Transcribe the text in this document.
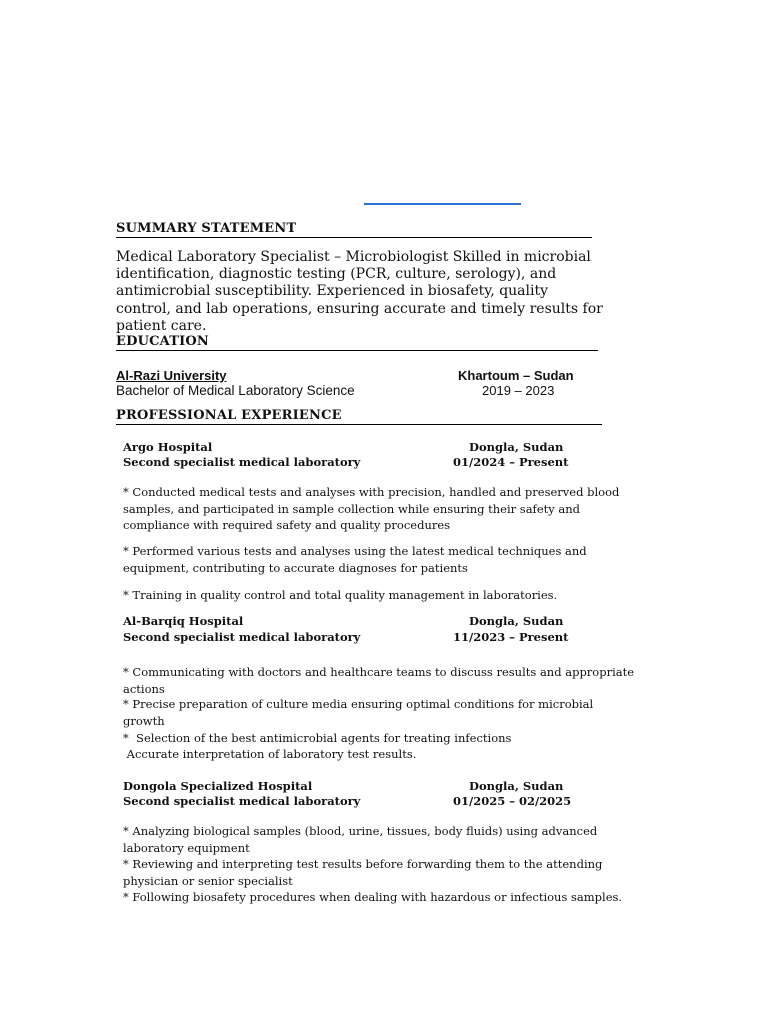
SUMMARY STATEMENT
Medical Laboratory Specialist – Microbiologist Skilled in microbial identification, diagnostic testing (PCR, culture, serology), and antimicrobial susceptibility. Experienced in biosafety, quality control, and lab operations, ensuring accurate and timely results for patient care.
EDUCATION
Al-Razi University	Khartoum – Sudan
Bachelor of Medical Laboratory Science	2019 – 2023
PROFESSIONAL EXPERIENCE
Argo Hospital	Dongla, Sudan
Second specialist medical laboratory	01/2024 – Present
* Conducted medical tests and analyses with precision, handled and preserved blood samples, and participated in sample collection while ensuring their safety and compliance with required safety and quality procedures
* Performed various tests and analyses using the latest medical techniques and equipment, contributing to accurate diagnoses for patients
* Training in quality control and total quality management in laboratories.
Al-Barqiq Hospital	Dongla, Sudan
Second specialist medical laboratory	11/2023 – Present
* Communicating with doctors and healthcare teams to discuss results and appropriate actions
* Precise preparation of culture media ensuring optimal conditions for microbial growth
*  Selection of the best antimicrobial agents for treating infections
Accurate interpretation of laboratory test results.
Dongola Specialized Hospital	Dongla, Sudan
Second specialist medical laboratory	01/2025 – 02/2025
* Analyzing biological samples (blood, urine, tissues, body fluids) using advanced laboratory equipment
* Reviewing and interpreting test results before forwarding them to the attending physician or senior specialist
* Following biosafety procedures when dealing with hazardous or infectious samples.
